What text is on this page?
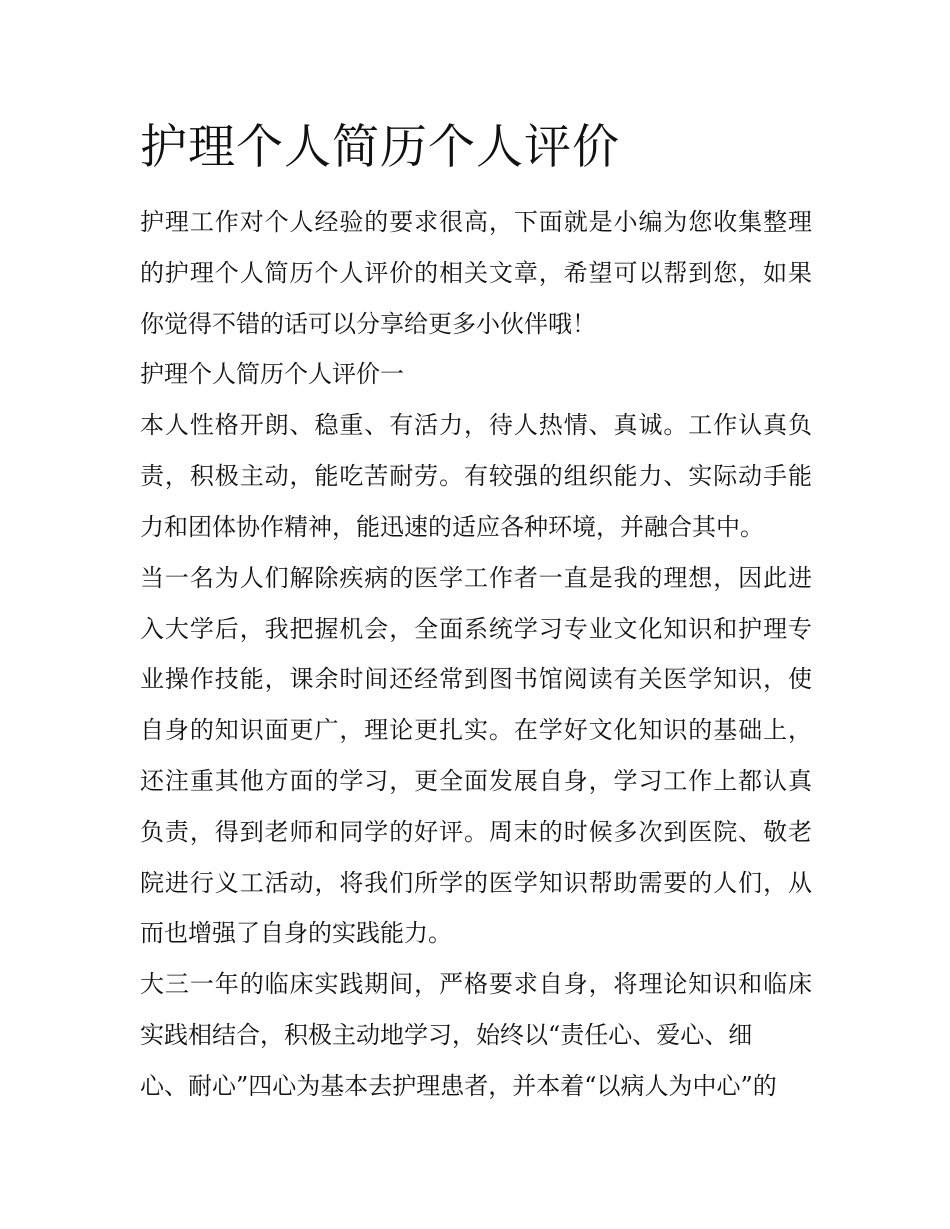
护理个人简历个人评价
护理工作对个人经验的要求很高，下面就是小编为您收集整理
的护理个人简历个人评价的相关文章，希望可以帮到您，如果
你觉得不错的话可以分享给更多小伙伴哦！
护理个人简历个人评价一
本人性格开朗、稳重、有活力，待人热情、真诚。工作认真负
责，积极主动，能吃苦耐劳。有较强的组织能力、实际动手能
力和团体协作精神，能迅速的适应各种环境，并融合其中。
当一名为人们解除疾病的医学工作者一直是我的理想，因此进
入大学后，我把握机会，全面系统学习专业文化知识和护理专
业操作技能，课余时间还经常到图书馆阅读有关医学知识，使
自身的知识面更广，理论更扎实。在学好文化知识的基础上，
还注重其他方面的学习，更全面发展自身，学习工作上都认真
负责，得到老师和同学的好评。周末的时候多次到医院、敬老
院进行义工活动，将我们所学的医学知识帮助需要的人们，从
而也增强了自身的实践能力。
大三一年的临床实践期间，严格要求自身，将理论知识和临床
实践相结合，积极主动地学习，始终以“责任心、爱心、细
心、耐心”四心为基本去护理患者，并本着“以病人为中心”的
